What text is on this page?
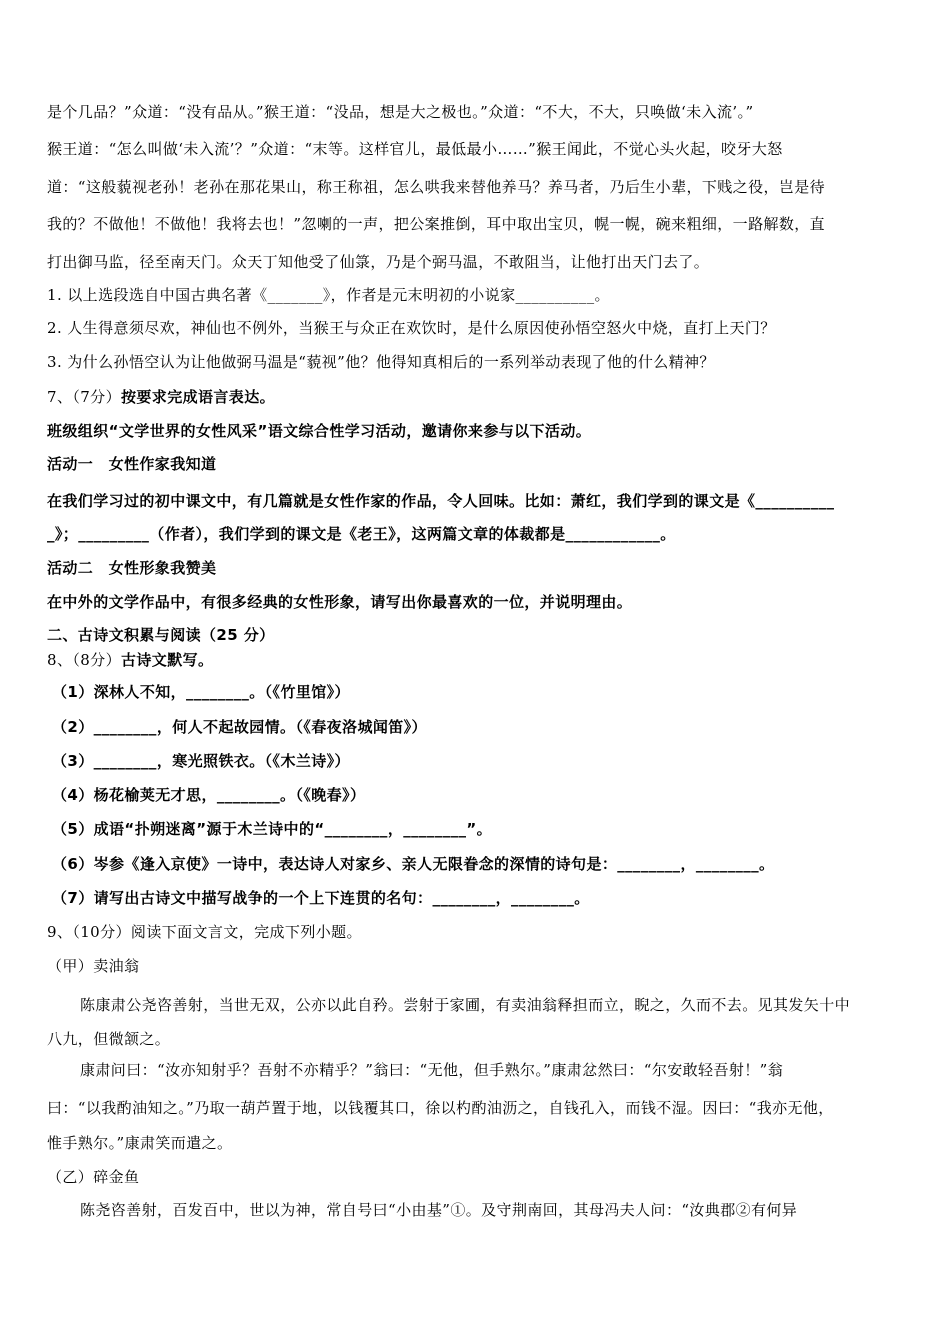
是个几品？”众道：“没有品从。”猴王道：“没品，想是大之极也。”众道：“不大，不大，只唤做‘未入流’。”
猴王道：“怎么叫做‘未入流’？”众道：“末等。这样官儿，最低最小……”猴王闻此，不觉心头火起，咬牙大怒
道：“这般藐视老孙！老孙在那花果山，称王称祖，怎么哄我来替他养马？养马者，乃后生小辈，下贱之役，岂是待
我的？不做他！不做他！我将去也！”忽喇的一声，把公案推倒，耳中取出宝贝，幌一幌，碗来粗细，一路解数，直
打出御马监，径至南天门。众天丁知他受了仙箓，乃是个弼马温，不敢阻当，让他打出天门去了。
1. 以上选段选自中国古典名著《_______》，作者是元末明初的小说家__________。
2. 人生得意须尽欢，神仙也不例外，当猴王与众正在欢饮时，是什么原因使孙悟空怒火中烧，直打上天门？
3. 为什么孙悟空认为让他做弼马温是“藐视”他？他得知真相后的一系列举动表现了他的什么精神？
7、（7分）按要求完成语言表达。
班级组织“文学世界的女性风采”语文综合性学习活动，邀请你来参与以下活动。
活动一　女性作家我知道
在我们学习过的初中课文中，有几篇就是女性作家的作品，令人回味。比如：萧红，我们学到的课文是《__________
_》；_________（作者），我们学到的课文是《老王》，这两篇文章的体裁都是____________。
活动二　女性形象我赞美
在中外的文学作品中，有很多经典的女性形象，请写出你最喜欢的一位，并说明理由。
二、古诗文积累与阅读（25 分）
8、（8分）古诗文默写。
（1）深林人不知，________。（《竹里馆》）
（2）________，何人不起故园情。（《春夜洛城闻笛》）
（3）________，寒光照铁衣。（《木兰诗》）
（4）杨花榆荚无才思，________。（《晚春》）
（5）成语“扑朔迷离”源于木兰诗中的“________，________”。
（6）岑参《逢入京使》一诗中，表达诗人对家乡、亲人无限眷念的深情的诗句是：________，________。
（7）请写出古诗文中描写战争的一个上下连贯的名句：________，________。
9、（10分）阅读下面文言文，完成下列小题。
（甲）卖油翁
陈康肃公尧咨善射，当世无双，公亦以此自矜。尝射于家圃，有卖油翁释担而立，睨之，久而不去。见其发矢十中
八九，但微颔之。
康肃问曰：“汝亦知射乎？吾射不亦精乎？”翁曰：“无他，但手熟尔。”康肃忿然曰：“尔安敢轻吾射！”翁
曰：“以我酌油知之。”乃取一葫芦置于地，以钱覆其口，徐以杓酌油沥之，自钱孔入，而钱不湿。因曰：“我亦无他，
惟手熟尔。”康肃笑而遣之。
（乙）碎金鱼
陈尧咨善射，百发百中，世以为神，常自号曰“小由基”①。及守荆南回，其母冯夫人问：“汝典郡②有何异
